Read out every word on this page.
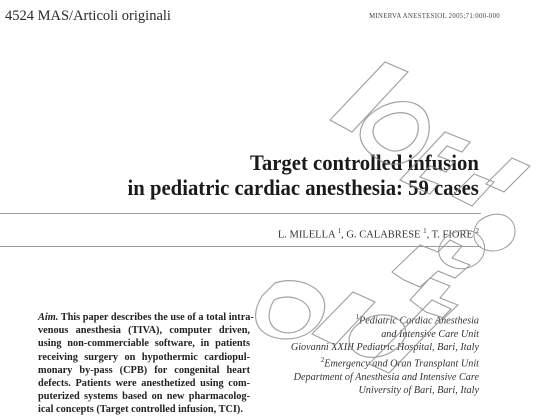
4524 MAS/Articoli originali	MINERVA ANESTESIOL 2005;71:000-000
Target controlled infusion
in pediatric cardiac anesthesia: 59 cases
L. MILELLA $^1$, G. CALABRESE $^1$, T. FIORE $^2$
Aim. This paper describes the use of a total intra-
venous anesthesia (TIVA), computer driven,
using non-commerciable software, in patients
receiving surgery on hypothermic cardiopul-
monary by-pass (CPB) for congenital heart
defects. Patients were anesthetized using com-
puterized systems based on new pharmacolog-
ical concepts (Target controlled infusion, TCI).
$^1$Pediatric Cardiac Anesthesia
and Intensive Care Unit
Giovanni XXIII Pediatric Hospital, Bari, Italy
$^2$Emergency and Oran Transplant Unit
Department of Anesthesia and Intensive Care
University of Bari, Bari, Italy
